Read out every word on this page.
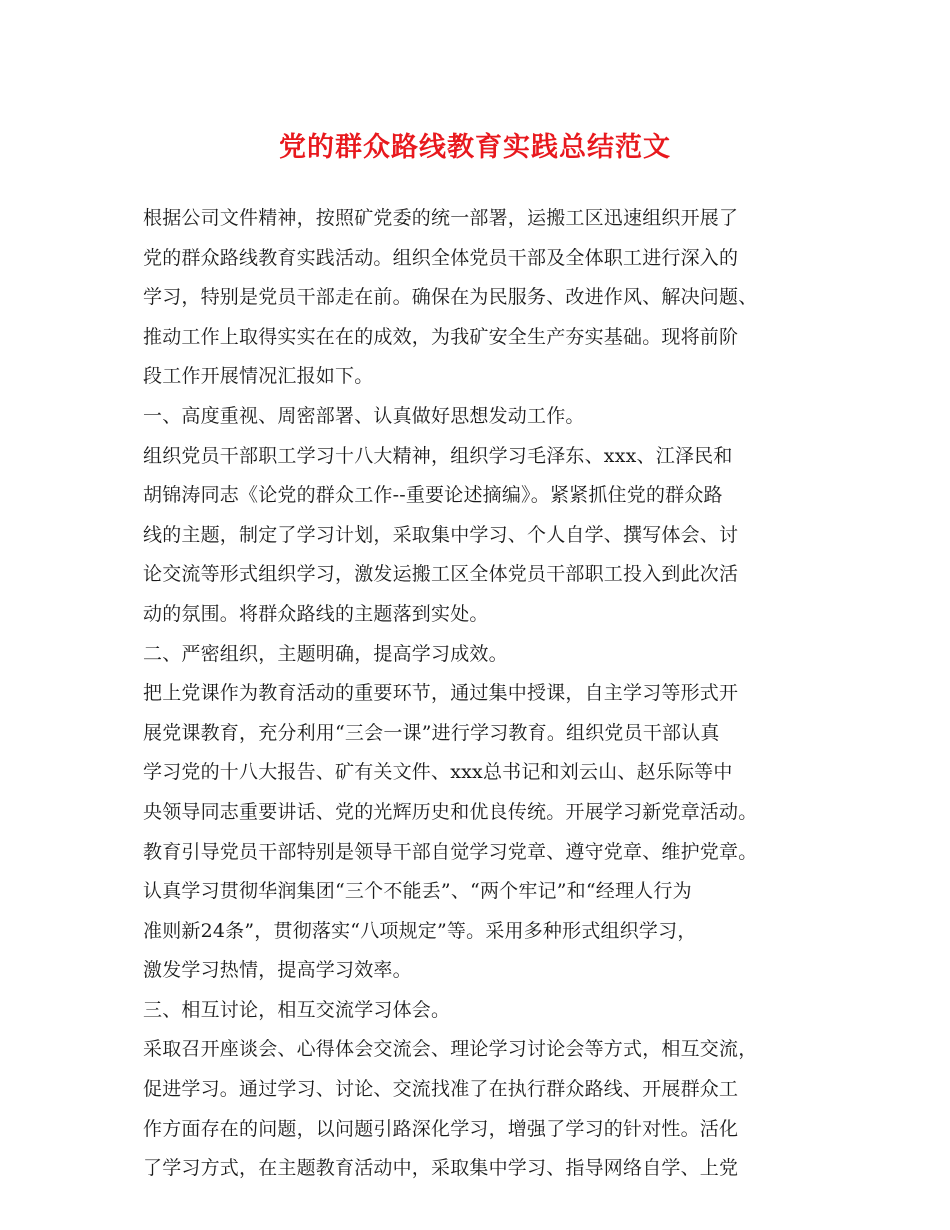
党的群众路线教育实践总结范文
根据公司文件精神，按照矿党委的统一部署，运搬工区迅速组织开展了
党的群众路线教育实践活动。组织全体党员干部及全体职工进行深入的
学习，特别是党员干部走在前。确保在为民服务、改进作风、解决问题、
推动工作上取得实实在在的成效，为我矿安全生产夯实基础。现将前阶
段工作开展情况汇报如下。
一、高度重视、周密部署、认真做好思想发动工作。
组织党员干部职工学习十八大精神，组织学习毛泽东、xxx、江泽民和
胡锦涛同志《论党的群众工作--重要论述摘编》。紧紧抓住党的群众路
线的主题，制定了学习计划，采取集中学习、个人自学、撰写体会、讨
论交流等形式组织学习，激发运搬工区全体党员干部职工投入到此次活
动的氛围。将群众路线的主题落到实处。
二、严密组织，主题明确，提高学习成效。
把上党课作为教育活动的重要环节，通过集中授课，自主学习等形式开
展党课教育，充分利用“三会一课”进行学习教育。组织党员干部认真
学习党的十八大报告、矿有关文件、xxx总书记和刘云山、赵乐际等中
央领导同志重要讲话、党的光辉历史和优良传统。开展学习新党章活动。
教育引导党员干部特别是领导干部自觉学习党章、遵守党章、维护党章。
认真学习贯彻华润集团“三个不能丢”、“两个牢记”和“经理人行为
准则新24条”，贯彻落实“八项规定”等。采用多种形式组织学习，
激发学习热情，提高学习效率。
三、相互讨论，相互交流学习体会。
采取召开座谈会、心得体会交流会、理论学习讨论会等方式，相互交流，
促进学习。通过学习、讨论、交流找准了在执行群众路线、开展群众工
作方面存在的问题，以问题引路深化学习，增强了学习的针对性。活化
了学习方式，在主题教育活动中，采取集中学习、指导网络自学、上党
